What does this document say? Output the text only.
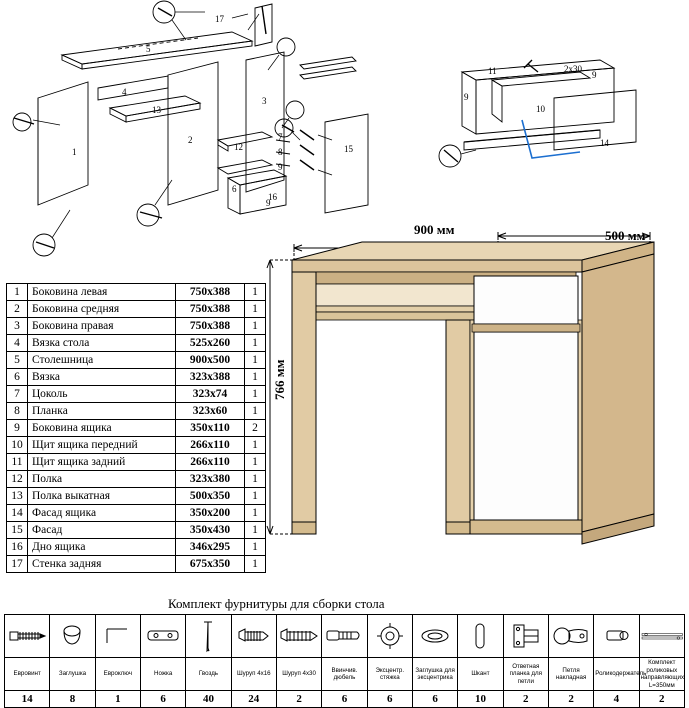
17
5
4
13
1
2
3
12
6
16
15
7
8
9
9
11	2х30
9
10
14
9
1	Боковина левая	750х388	1
2	Боковина средняя	750х388	1
3	Боковина правая	750х388	1
4	Вязка стола	525х260	1
5	Столешница	900х500	1
6	Вязка	323х388	1
7	Цоколь	323х74	1
8	Планка	323х60	1
9	Боковина ящика	350х110	2
10	Щит ящика передний	266х110	1
11	Щит ящика задний	266х110	1
12	Полка	323х380	1
13	Полка выкатная	500х350	1
14	Фасад ящика	350х200	1
15	Фасад	350х430	1
16	Дно ящика	346х295	1
17	Стенка задняя	675х350	1
900 мм	500 мм
766 мм
Комплект фурнитуры для сборки стола

Евровинт	Заглушка	Евроключ	Ножка	Гвоздь	Шуруп 4х16	Шуруп 4х30	Ввинчив. дюбель	Эксцентр. стяжка	Заглушка для эксцентрика	Шкант	Ответная планка для петли	Петля накладная	Роликодержатель	Комплект роликовых направляющих L=350мм
14	8	1	6	40	24	2	6	6	6	10	2	2	4	2
